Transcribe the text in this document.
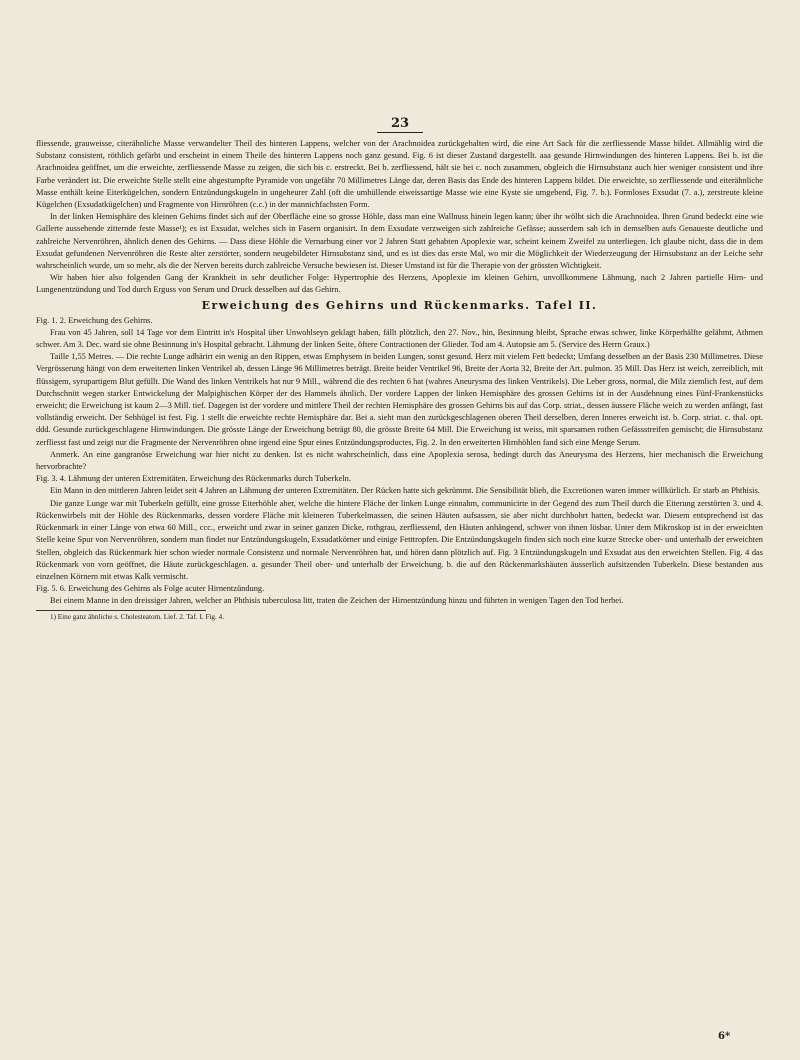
23

fliessende, grauweisse, citerähnliche Masse verwandelter Theil des hinteren Lappens, welcher von der Arachnoidea zurückgehalten wird, die eine Art Sack für die zerfliessende Masse bildet. Allmählig wird die Substanz consistent, röthlich gefärbt und erscheint in einem Theile des hinteren Lappens noch ganz gesund. Fig. 6 ist dieser Zustand dargestellt. aaa gesunde Hirnwindungen des hinteren Lappens. Bei b. ist die Arachnoidea geöffnet, um die erweichte, zerfliessende Masse zu zeigen, die sich bis c. erstreckt. Bei b. zerfliessend, hält sie bei c. noch zusammen, obgleich die Hirnsubstanz auch hier weniger consistent und ihre Farbe verändert ist. Die erweichte Stelle stellt eine abgestumpfte Pyramide von ungefähr 70 Millimetres Länge dar, deren Basis das Ende des hinteren Lappens bildet. Die erweichte, so zerfliessende und eiterähnliche Masse enthält keine Eiterkügelchen, sondern Entzündungskugeln in ungeheurer Zahl (oft die umhüllende eiweissartige Masse wie eine Kyste sie umgebend, Fig. 7. b.). Formloses Exsudat (7. a.), zerstreute kleine Kügelchen (Exsudatkügelchen) und Fragmente von Hirnröhren (c.c.) in der mannichfachsten Form.

In der linken Hemisphäre des kleinen Gehirns findet sich auf der Oberfläche eine so grosse Höhle, dass man eine Wallnuss hinein legen kann; über ihr wölbt sich die Arachnoidea. Ihren Grund bedeckt eine wie Gallerte aussehende zitternde feste Masse¹); es ist Exsudat, welches sich in Fasern organisirt. In dem Exsudate verzweigen sich zahlreiche Gefässe; ausserdem sah ich in demselben aufs Genaueste deutliche und zahlreiche Nervenröhren, ähnlich denen des Gehirns. — Dass diese Höhle die Vernarbung einer vor 2 Jahren Statt gehabten Apoplexie war, scheint keinem Zweifel zu unterliegen. Ich glaube nicht, dass die in dem Exsudat gefundenen Nervenröhren die Reste alter zerstörter, sondern neugebildeter Hirnsubstanz sind, und es ist dies das erste Mal, wo mir die Möglichkeit der Wiederzeugung der Hirnsubstanz an der Leiche sehr wahrscheinlich wurde, um so mehr, als die der Nerven bereits durch zahlreiche Versuche bewiesen ist. Dieser Umstand ist für die Therapie von der grössten Wichtigkeit.

Wir haben hier also folgenden Gang der Krankheit in sehr deutlicher Folge: Hypertrophie des Herzens, Apoplexie im kleinen Gehirn, unvollkommene Lähmung, nach 2 Jahren partielle Hirn- und Lungenentzündung und Tod durch Erguss von Serum und Druck desselben auf das Gehirn.

Erweichung des Gehirns und Rückenmarks. Tafel II.

Fig. 1. 2. Erweichung des Gehirns.

Frau von 45 Jahren, soll 14 Tage vor dem Eintritt in's Hospital über Unwohlseyn geklagt haben, fällt plötzlich, den 27. Nov., hin, Besinnung bleibt, Sprache etwas schwer, linke Körperhälfte gelähmt, Athmen schwer. Am 3. Dec. ward sie ohne Besinnung in's Hospital gebracht. Lähmung der linken Seite, öftere Contractionen der Glieder. Tod am 4. Autopsie am 5. (Service des Herrn Graux.)

Taille 1,55 Metres. — Die rechte Lunge adhärirt ein wenig an den Rippen, etwas Emphysem in beiden Lungen, sonst gesund. Herz mit vielem Fett bedeckt; Umfang desselben an der Basis 230 Millimetres. Diese Vergrösserung hängt von dem erweiterten linken Ventrikel ab, dessen Länge 96 Millimetres beträgt. Breite beider Ventrikel 96, Breite der Aorta 32, Breite der Art. pulmon. 35 Mill. Das Herz ist weich, zerreiblich, mit flüssigem, syrupartigem Blut gefüllt. Die Wand des linken Ventrikels hat nur 9 Mill., während die des rechten 6 hat (wahres Aneurysma des linken Ventrikels). Die Leber gross, normal, die Milz ziemlich fest, auf dem Durchschnitt wegen starker Entwickelung der Malpighischen Körper der des Hammels ähnlich. Der vordere Lappen der linken Hemisphäre des grossen Gehirns ist in der Ausdehnung eines Fünf-Frankenstücks erweicht; die Erweichung ist kaum 2—3 Mill. tief. Dagegen ist der vordere und mittlere Theil der rechten Hemisphäre des grossen Gehirns bis auf das Corp. striat., dessen äussere Fläche weich zu werden anfängt, fast vollständig erweicht. Der Sehhügel ist fest. Fig. 1 stellt die erweichte rechte Hemisphäre dar. Bei a. sieht man den zurückgeschlagenen oberen Theil derselben, deren Inneres erweicht ist. b. Corp. striat. c. thal. opt. ddd. Gesunde zurückgeschlagene Hirnwindungen. Die grösste Länge der Erweichung beträgt 80, die grösste Breite 64 Mill. Die Erweichung ist weiss, mit sparsamen rothen Gefässstreifen gemischt; die Hirnsubstanz zerfliesst fast und zeigt nur die Fragmente der Nervenröhren ohne irgend eine Spur eines Entzündungsproductes, Fig. 2. In den erweiterten Hirnhöhlen fand sich eine Menge Serum.

Anmerk. An eine gangranöse Erweichung war hier nicht zu denken. Ist es nicht wahrscheinlich, dass eine Apoplexia serosa, bedingt durch das Aneurysma des Herzens, hier mechanisch die Erweichung hervorbrachte?

Fig. 3. 4. Lähmung der unteren Extremitäten. Erweichung des Rückenmarks durch Tuberkeln.

Ein Mann in den mittleren Jahren leidet seit 4 Jahren an Lähmung der unteren Extremitäten. Der Rücken hatte sich gekrümmt. Die Sensibilität blieb, die Excretionen waren immer willkürlich. Er starb an Phthisis.

Die ganze Lunge war mit Tuberkeln gefüllt, eine grosse Eiterhöhle aber, welche die hintere Fläche der linken Lunge einnahm, communicirte in der Gegend des zum Theil durch die Eiterung zerstörten 3. und 4. Rückenwirbels mit der Höhle des Rückenmarks, dessen vordere Fläche mit kleineren Tuberkelmassen, die seinen Häuten aufsassen, sie aber nicht durchbohrt hatten, bedeckt war. Diesem entsprechend ist das Rückenmark in einer Länge von etwa 60 Mill., ccc., erweicht und zwar in seiner ganzen Dicke, rothgrau, zerfliessend, den Häuten anhängend, schwer von ihnen lösbar. Unter dem Mikroskop ist in der erweichten Stelle keine Spur von Nervenröhren, sondern man findet nur Entzündungskugeln, Exsudatkörner und einige Fetttropfen. Die Entzündungskugeln finden sich noch eine kurze Strecke ober- und unterhalb der erweichten Stellen, obgleich das Rückenmark hier schon wieder normale Consistenz und normale Nervenröhren hat, und hören dann plötzlich auf. Fig. 3 Entzündungskugeln und Exsudat aus den erweichten Stellen. Fig. 4 das Rückenmark von vorn geöffnet, die Häute zurückgeschlagen. a. gesunder Theil ober- und unterhalb der Erweichung. b. die auf den Rückenmarkshäuten äusserlich aufsitzenden Tuberkeln. Diese bestanden aus einzelnen Körnern mit etwas Kalk vermischt.

Fig. 5. 6. Erweichung des Gehirns als Folge acuter Hirnentzündung.

Bei einem Manne in den dreissiger Jahren, welcher an Phthisis tuberculosa litt, traten die Zeichen der Hirnentzündung hinzu und führten in wenigen Tagen den Tod herbei.

1) Eine ganz ähnliche s. Cholesteatom. Lief. 2. Taf. I. Fig. 4.

6*
